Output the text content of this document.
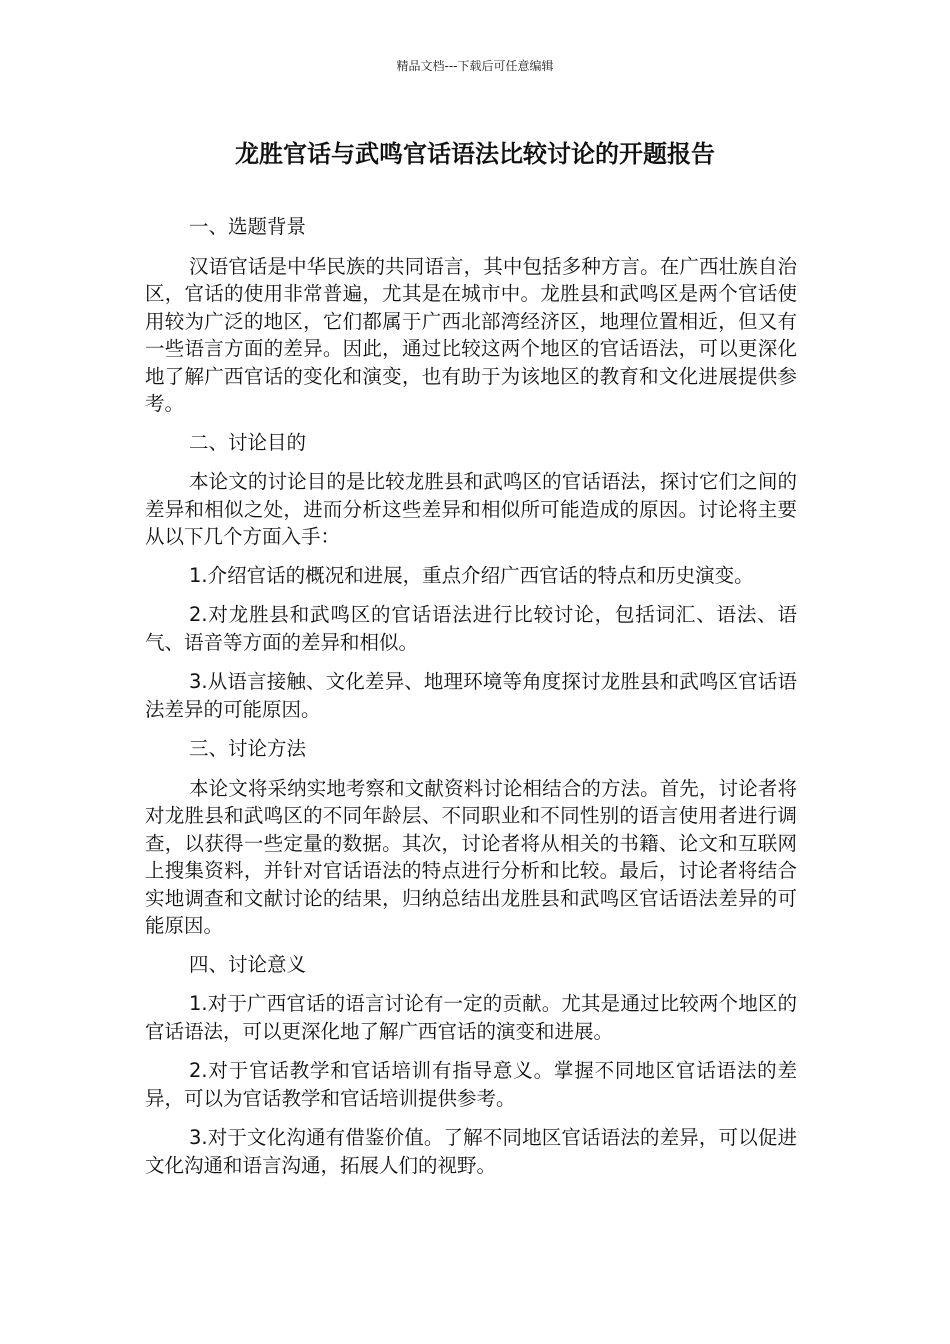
精品文档---下载后可任意编辑
龙胜官话与武鸣官话语法比较讨论的开题报告

一、选题背景

汉语官话是中华民族的共同语言，其中包括多种方言。在广西壮族自治区，官话的使用非常普遍，尤其是在城市中。龙胜县和武鸣区是两个官话使用较为广泛的地区，它们都属于广西北部湾经济区，地理位置相近，但又有一些语言方面的差异。因此，通过比较这两个地区的官话语法，可以更深化地了解广西官话的变化和演变，也有助于为该地区的教育和文化进展提供参考。

二、讨论目的

本论文的讨论目的是比较龙胜县和武鸣区的官话语法，探讨它们之间的差异和相似之处，进而分析这些差异和相似所可能造成的原因。讨论将主要从以下几个方面入手：

1.介绍官话的概况和进展，重点介绍广西官话的特点和历史演变。

2.对龙胜县和武鸣区的官话语法进行比较讨论，包括词汇、语法、语气、语音等方面的差异和相似。

3.从语言接触、文化差异、地理环境等角度探讨龙胜县和武鸣区官话语法差异的可能原因。

三、讨论方法

本论文将采纳实地考察和文献资料讨论相结合的方法。首先，讨论者将对龙胜县和武鸣区的不同年龄层、不同职业和不同性别的语言使用者进行调查，以获得一些定量的数据。其次，讨论者将从相关的书籍、论文和互联网上搜集资料，并针对官话语法的特点进行分析和比较。最后，讨论者将结合实地调查和文献讨论的结果，归纳总结出龙胜县和武鸣区官话语法差异的可能原因。

四、讨论意义

1.对于广西官话的语言讨论有一定的贡献。尤其是通过比较两个地区的官话语法，可以更深化地了解广西官话的演变和进展。

2.对于官话教学和官话培训有指导意义。掌握不同地区官话语法的差异，可以为官话教学和官话培训提供参考。

3.对于文化沟通有借鉴价值。了解不同地区官话语法的差异，可以促进文化沟通和语言沟通，拓展人们的视野。
